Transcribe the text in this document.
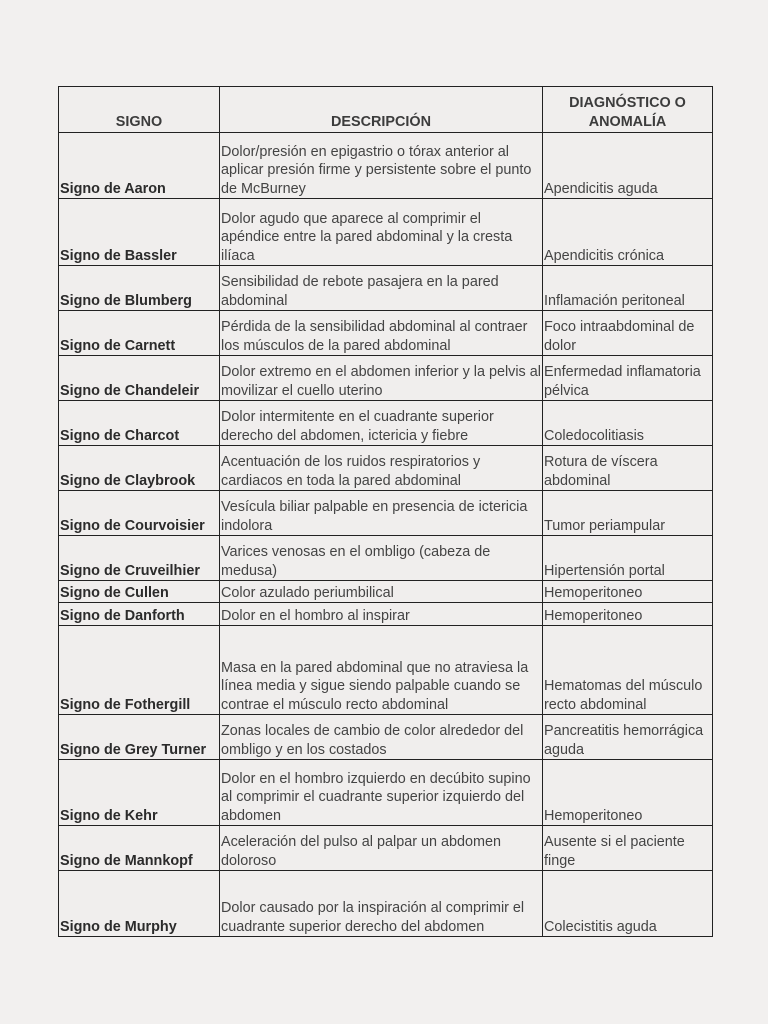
SIGNO	DESCRIPCIÓN	DIAGNÓSTICO O ANOMALÍA
Signo de Aaron	Dolor/presión en epigastrio o tórax anterior al aplicar presión firme y persistente sobre el punto de McBurney	Apendicitis aguda
Signo de Bassler	Dolor agudo que aparece al comprimir el apéndice entre la pared abdominal y la cresta ilíaca	Apendicitis crónica
Signo de Blumberg	Sensibilidad de rebote pasajera en la pared abdominal	Inflamación peritoneal
Signo de Carnett	Pérdida de la sensibilidad abdominal al contraer los músculos de la pared abdominal	Foco intraabdominal de dolor
Signo de Chandeleir	Dolor extremo en el abdomen inferior y la pelvis al movilizar el cuello uterino	Enfermedad inflamatoria pélvica
Signo de Charcot	Dolor intermitente en el cuadrante superior derecho del abdomen, ictericia y fiebre	Coledocolitiasis
Signo de Claybrook	Acentuación de los ruidos respiratorios y cardiacos en toda la pared abdominal	Rotura de víscera abdominal
Signo de Courvoisier	Vesícula biliar palpable en presencia de ictericia indolora	Tumor periampular
Signo de Cruveilhier	Varices venosas en el ombligo (cabeza de medusa)	Hipertensión portal
Signo de Cullen	Color azulado periumbilical	Hemoperitoneo
Signo de Danforth	Dolor en el hombro al inspirar	Hemoperitoneo
Signo de Fothergill	Masa en la pared abdominal que no atraviesa la línea media y sigue siendo palpable cuando se contrae el músculo recto abdominal	Hematomas del músculo recto abdominal
Signo de Grey Turner	Zonas locales de cambio de color alrededor del ombligo y en los costados	Pancreatitis hemorrágica aguda
Signo de Kehr	Dolor en el hombro izquierdo en decúbito supino al comprimir el cuadrante superior izquierdo del abdomen	Hemoperitoneo
Signo de Mannkopf	Aceleración del pulso al palpar un abdomen doloroso	Ausente si el paciente finge
Signo de Murphy	Dolor causado por la inspiración al comprimir el cuadrante superior derecho del abdomen	Colecistitis aguda
